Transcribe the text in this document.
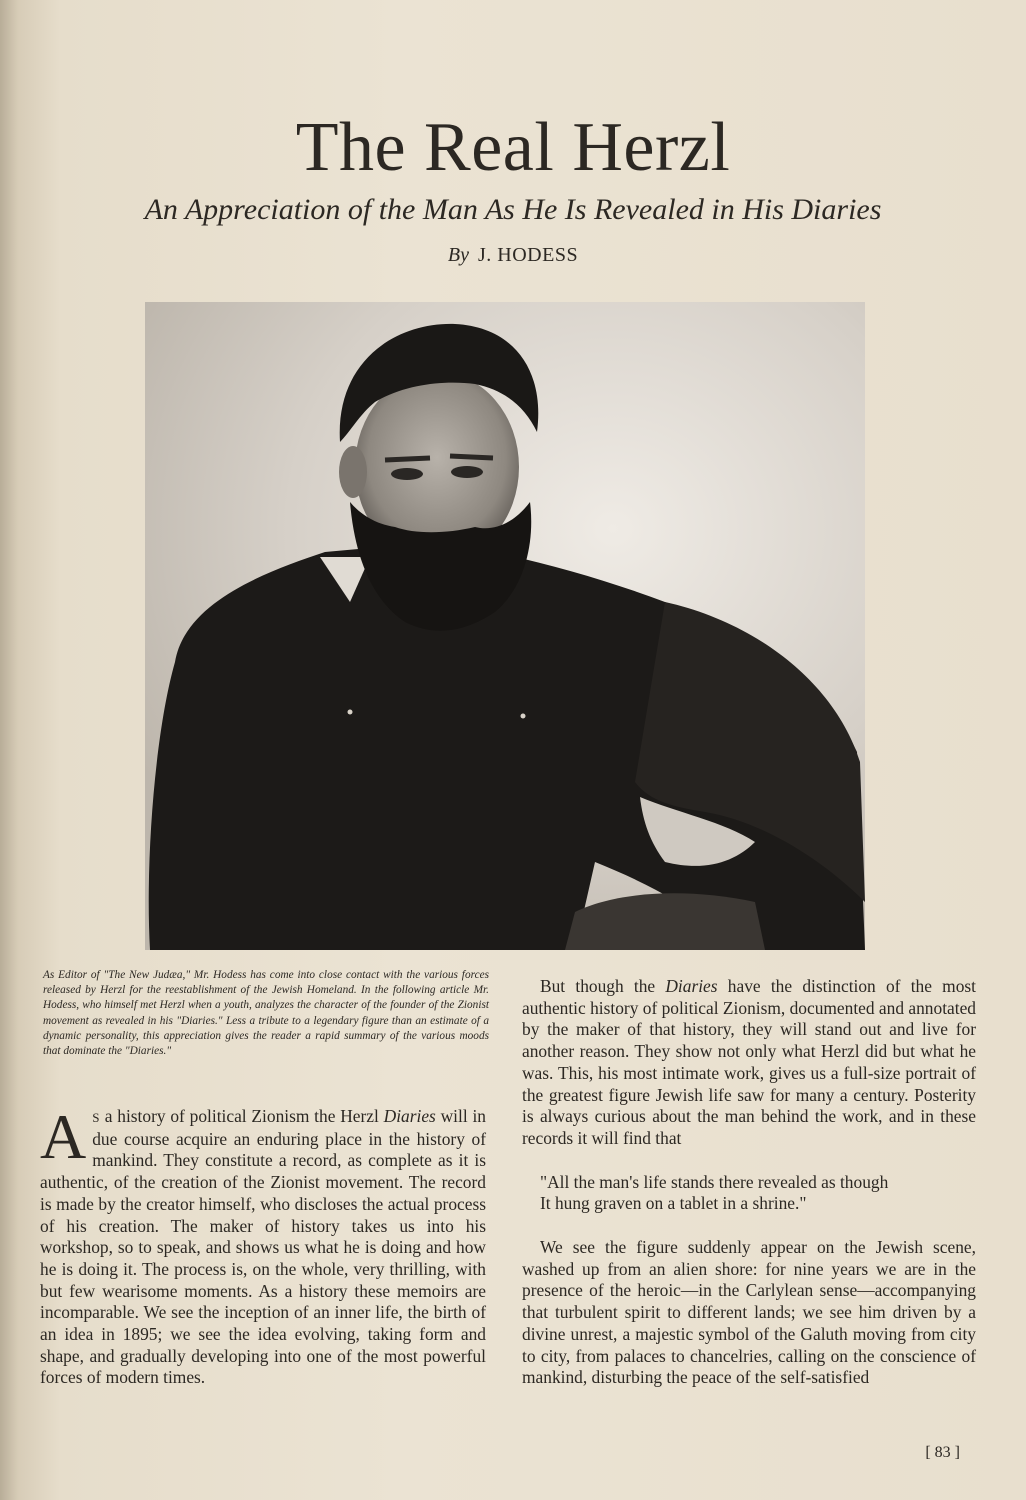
The Real Herzl
An Appreciation of the Man As He Is Revealed in His Diaries
By J. HODESS
As Editor of "The New Judæa," Mr. Hodess has come into close contact with the various forces released by Herzl for the reestablishment of the Jewish Homeland. In the following article Mr. Hodess, who himself met Herzl when a youth, analyzes the character of the founder of the Zionist movement as revealed in his "Diaries." Less a tribute to a legendary figure than an estimate of a dynamic personality, this appreciation gives the reader a rapid summary of the various moods that dominate the "Diaries."

A S a history of political Zionism the Herzl Diaries will in due course acquire an enduring place in the history of mankind. They constitute a record, as complete as it is authentic, of the creation of the Zionist movement. The record is made by the creator himself, who discloses the actual process of his creation. The maker of history takes us into his workshop, so to speak, and shows us what he is doing and how he is doing it. The process is, on the whole, very thrilling, with but few wearisome moments. As a history these memoirs are incomparable. We see the inception of an inner life, the birth of an idea in 1895; we see the idea evolving, taking form and shape, and gradually developing into one of the most powerful forces of modern times.

But though the Diaries have the distinction of the most authentic history of political Zionism, documented and annotated by the maker of that history, they will stand out and live for another reason. They show not only what Herzl did but what he was. This, his most intimate work, gives us a full-size portrait of the greatest figure Jewish life saw for many a century. Posterity is always curious about the man behind the work, and in these records it will find that

"All the man's life stands there revealed as though
It hung graven on a tablet in a shrine."

We see the figure suddenly appear on the Jewish scene, washed up from an alien shore: for nine years we are in the presence of the heroic—in the Carlylean sense—accompanying that turbulent spirit to different lands; we see him driven by a divine unrest, a majestic symbol of the Galuth moving from city to city, from palaces to chancelries, calling on the conscience of mankind, disturbing the peace of the self-satisfied

[ 83 ]
